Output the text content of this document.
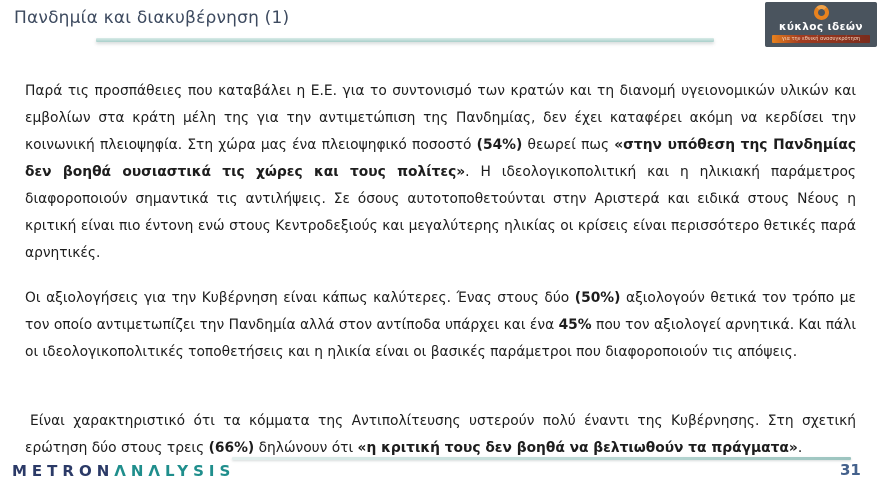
Πανδημία και διακυβέρνηση (1)	κύκλος ιδεών
για την εθνική ανασυγκρότηση

Παρά τις προσπάθειες που καταβάλει η Ε.Ε. για το συντονισμό των κρατών και τη διανομή υγειονομικών υλικών και εμβολίων στα κράτη μέλη της για την αντιμετώπιση της Πανδημίας, δεν έχει καταφέρει ακόμη να κερδίσει την κοινωνική πλειοψηφία. Στη χώρα μας ένα πλειοψηφικό ποσοστό (54%) θεωρεί πως «στην υπόθεση της Πανδημίας δεν βοηθά ουσιαστικά τις χώρες και τους πολίτες». Η ιδεολογικοπολιτική και η ηλικιακή παράμετρος διαφοροποιούν σημαντικά τις αντιλήψεις. Σε όσους αυτοτοποθετούνται στην Αριστερά και ειδικά στους Νέους η κριτική είναι πιο έντονη ενώ στους Κεντροδεξιούς και μεγαλύτερης ηλικίας οι κρίσεις είναι περισσότερο θετικές παρά αρνητικές.

Οι αξιολογήσεις για την Κυβέρνηση είναι κάπως καλύτερες. Ένας στους δύο (50%) αξιολογούν θετικά τον τρόπο με τον οποίο αντιμετωπίζει την Πανδημία αλλά στον αντίποδα υπάρχει και ένα 45% που τον αξιολογεί αρνητικά. Και πάλι οι ιδεολογικοπολιτικές τοποθετήσεις και η ηλικία είναι οι βασικές παράμετροι που διαφοροποιούν τις απόψεις.

Είναι χαρακτηριστικό ότι τα κόμματα της Αντιπολίτευσης υστερούν πολύ έναντι της Κυβέρνησης. Στη σχετική ερώτηση δύο στους τρεις (66%) δηλώνουν ότι «η κριτική τους δεν βοηθά να βελτιωθούν τα πράγματα».

METRONΛNΛLYSIS	31
